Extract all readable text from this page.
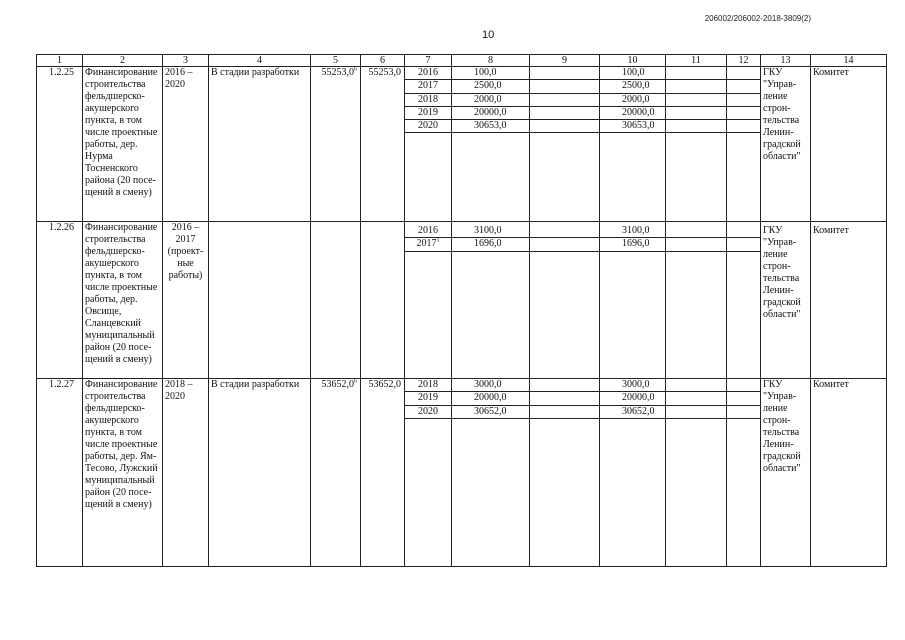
206002/206002-2018-3809(2)
10
1	2	3	4	5	6	7	8	9	10	11	12	13	14
1.2.25	Финансирование строительства фельдшерско-акушерского пункта, в том числе проектные работы, дер. Нурма Тосненского района (20 посе-щений в смену)	2016 – 2020	В стадии разработки	55253,0$^6$	55253,0	2016	100,0		100,0			ГКУ "Управ-ление строн-тельства Ленин-градской области"	Комитет
						2017	2500,0		2500,0				
						2018	2000,0		2000,0				
						2019	20000,0		20000,0				
						2020	30653,0		30653,0				

1.2.26	Финансирование строительства фельдшерско-акушерского пункта, в том числе проектные работы, дер. Овсище, Сланцевский муниципальный район (20 посе-щений в смену)	2016 – 2017 (проект-ные работы)				2016	3100,0		3100,0			ГКУ "Управ-ление строн-тельства Ленин-градской области"	Комитет
						2017$^1$	1696,0		1696,0				

1.2.27	Финансирование строительства фельдшерско-акушерского пункта, в том числе проектные работы, дер. Ям-Тесово, Лужский муниципальный район (20 посе-щений в смену)	2018 – 2020	В стадии разработки	53652,0$^6$	53652,0	2018	3000,0		3000,0			ГКУ "Управ-ление строн-тельства Ленин-градской области"	Комитет
						2019	20000,0		20000,0				
						2020	30652,0		30652,0				
